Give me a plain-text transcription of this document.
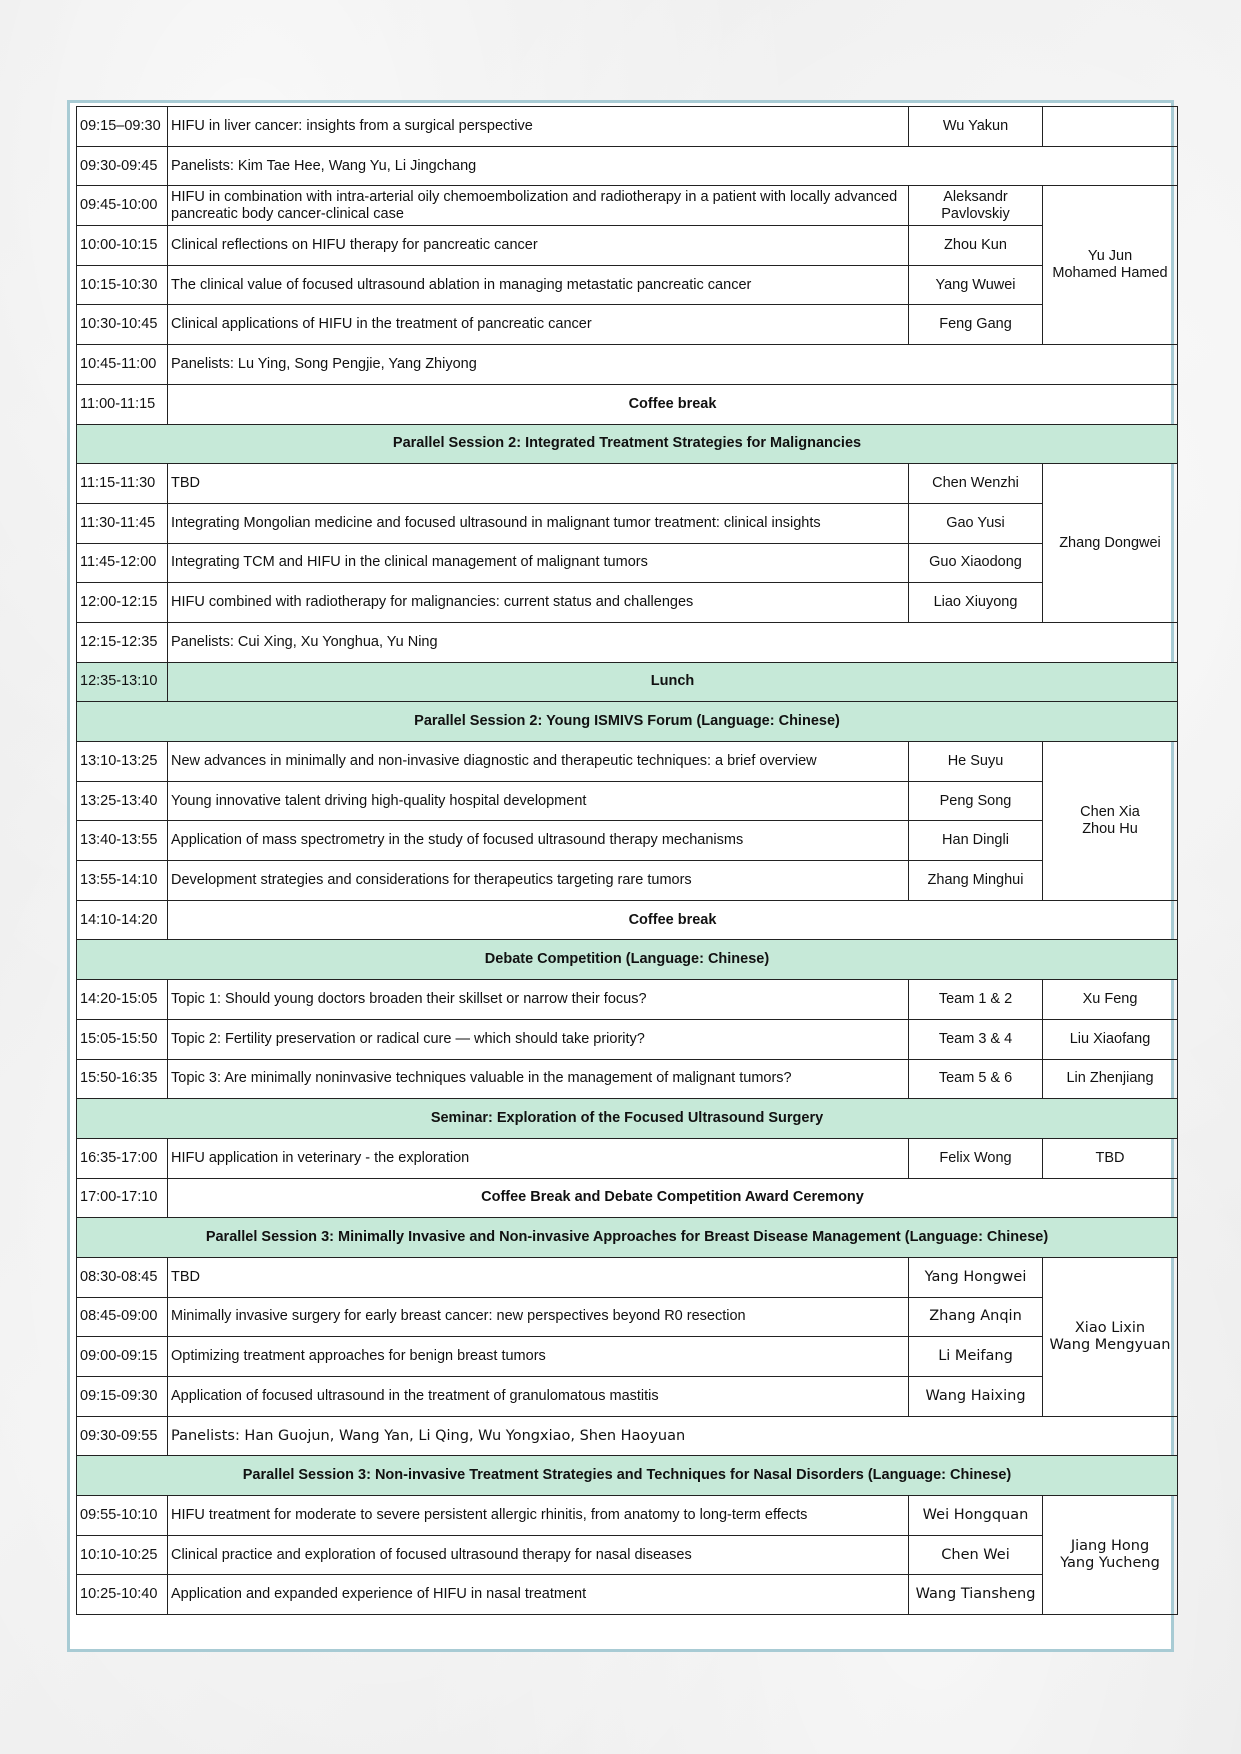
09:15–09:30	HIFU in liver cancer: insights from a surgical perspective	Wu Yakun	
09:30-09:45	Panelists: Kim Tae Hee, Wang Yu, Li Jingchang		
09:45-10:00	HIFU in combination with intra-arterial oily chemoembolization and radiotherapy in a patient with locally advanced pancreatic body cancer-clinical case	Aleksandr Pavlovskiy	Yu Jun
Mohamed Hamed

10:00-10:15	Clinical reflections on HIFU therapy for pancreatic cancer	Zhou Kun	
10:15-10:30	The clinical value of focused ultrasound ablation in managing metastatic pancreatic cancer	Yang Wuwei	
10:30-10:45	Clinical applications of HIFU in the treatment of pancreatic cancer	Feng Gang	
10:45-11:00	Panelists: Lu Ying, Song Pengjie, Yang Zhiyong		
11:00-11:15	Coffee break		
Parallel Session 2: Integrated Treatment Strategies for Malignancies			
11:15-11:30	TBD	Chen Wenzhi	Zhang Dongwei

11:30-11:45	Integrating Mongolian medicine and focused ultrasound in malignant tumor treatment: clinical insights	Gao Yusi	
11:45-12:00	Integrating TCM and HIFU in the clinical management of malignant tumors	Guo Xiaodong	
12:00-12:15	HIFU combined with radiotherapy for malignancies: current status and challenges	Liao Xiuyong	
12:15-12:35	Panelists: Cui Xing, Xu Yonghua, Yu Ning		
12:35-13:10	Lunch		
Parallel Session 2: Young ISMIVS Forum (Language: Chinese)			
13:10-13:25	New advances in minimally and non-invasive diagnostic and therapeutic techniques: a brief overview	He Suyu	Chen Xia
Zhou Hu

13:25-13:40	Young innovative talent driving high-quality hospital development	Peng Song	
13:40-13:55	Application of mass spectrometry in the study of focused ultrasound therapy mechanisms	Han Dingli	
13:55-14:10	Development strategies and considerations for therapeutics targeting rare tumors	Zhang Minghui	
14:10-14:20	Coffee break		
Debate Competition (Language: Chinese)			
14:20-15:05	Topic 1: Should young doctors broaden their skillset or narrow their focus?	Team 1 & 2	Xu Feng
15:05-15:50	Topic 2: Fertility preservation or radical cure — which should take priority?	Team 3 & 4	Liu Xiaofang
15:50-16:35	Topic 3: Are minimally noninvasive techniques valuable in the management of malignant tumors?	Team 5 & 6	Lin Zhenjiang
Seminar: Exploration of the Focused Ultrasound Surgery			
16:35-17:00	HIFU application in veterinary - the exploration	Felix Wong	TBD
17:00-17:10	Coffee Break and Debate Competition Award Ceremony		
Parallel Session 3: Minimally Invasive and Non-invasive Approaches for Breast Disease Management (Language: Chinese)			
08:30-08:45	TBD	Yang Hongwei	Xiao Lixin
Wang Mengyuan

08:45-09:00	Minimally invasive surgery for early breast cancer: new perspectives beyond R0 resection	Zhang Anqin	
09:00-09:15	Optimizing treatment approaches for benign breast tumors	Li Meifang	
09:15-09:30	Application of focused ultrasound in the treatment of granulomatous mastitis	Wang Haixing	
09:30-09:55	Panelists: Han Guojun, Wang Yan, Li Qing, Wu Yongxiao, Shen Haoyuan		
Parallel Session 3: Non-invasive Treatment Strategies and Techniques for Nasal Disorders (Language: Chinese)			
09:55-10:10	HIFU treatment for moderate to severe persistent allergic rhinitis, from anatomy to long-term effects	Wei Hongquan	Jiang Hong
Yang Yucheng

10:10-10:25	Clinical practice and exploration of focused ultrasound therapy for nasal diseases	Chen Wei	
10:25-10:40	Application and expanded experience of HIFU in nasal treatment	Wang Tiansheng	
